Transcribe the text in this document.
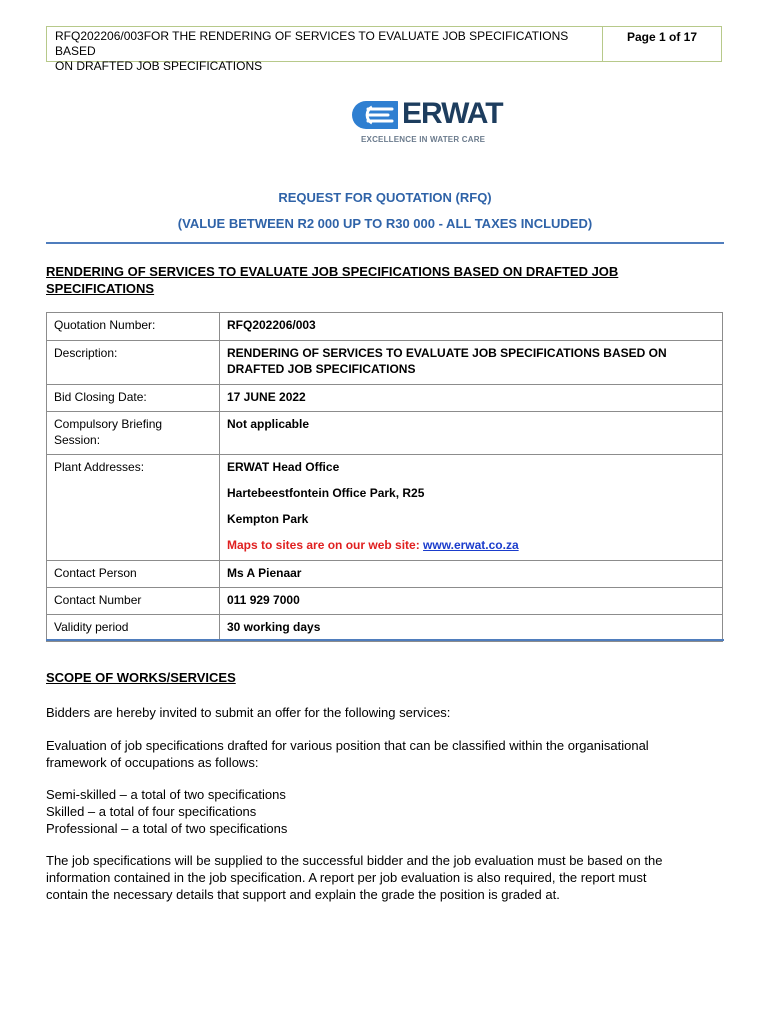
RFQ202206/003FOR THE RENDERING OF SERVICES TO EVALUATE JOB SPECIFICATIONS BASED
ON DRAFTED JOB SPECIFICATIONS
Page 1 of 17
ERWAT
EXCELLENCE IN WATER CARE
REQUEST FOR QUOTATION (RFQ)
(VALUE BETWEEN R2 000 UP TO R30 000 - ALL TAXES INCLUDED)
RENDERING OF SERVICES TO EVALUATE JOB SPECIFICATIONS BASED ON DRAFTED JOB
SPECIFICATIONS
Quotation Number:	RFQ202206/003
Description:	RENDERING OF SERVICES TO EVALUATE JOB SPECIFICATIONS BASED ON
DRAFTED JOB SPECIFICATIONS

Bid Closing Date:	17 JUNE 2022

Compulsory Briefing
Session:	Not applicable
Plant Addresses:	ERWAT Head Office
Hartebeestfontein Office Park, R25
Kempton Park
Maps to sites are on our web site: www.erwat.co.za

Contact Person	Ms A Pienaar
Contact Number	011 929 7000
Validity period	30 working days
SCOPE OF WORKS/SERVICES
Bidders are hereby invited to submit an offer for the following services:
Evaluation of job specifications drafted for various position that can be classified within the organisational
framework of occupations as follows:
Semi-skilled – a total of two specifications
Skilled – a total of four specifications
Professional – a total of two specifications
The job specifications will be supplied to the successful bidder and the job evaluation must be based on the
information contained in the job specification. A report per job evaluation is also required, the report must
contain the necessary details that support and explain the grade the position is graded at.
